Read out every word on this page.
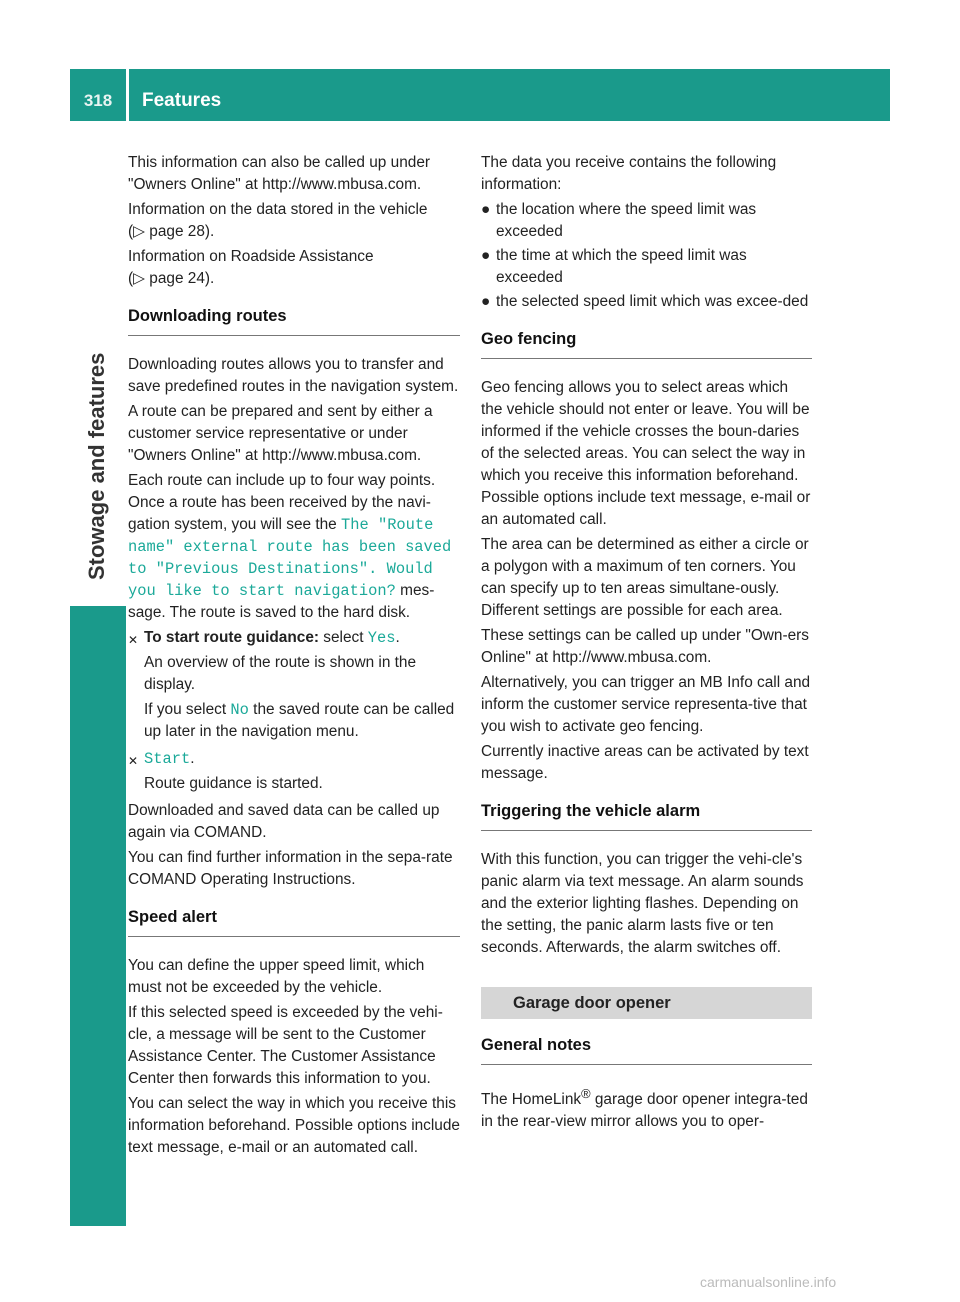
318	Features
Stowage and features

This information can also be called up under "Owners Online" at http://www.mbusa.com.

Information on the data stored in the vehicle
(▷ page 28).

Information on Roadside Assistance
(▷ page 24).

Downloading routes

Downloading routes allows you to transfer and save predefined routes in the navigation system.

A route can be prepared and sent by either a customer service representative or under "Owners Online" at http://www.mbusa.com.

Each route can include up to four way points. Once a route has been received by the navi-gation system, you will see the The "Route name" external route has been saved to "Previous Destinations". Would you like to start navigation? mes-sage. The route is saved to the hard disk.

✕ To start route guidance: select Yes.

An overview of the route is shown in the display.

If you select No the saved route can be called up later in the navigation menu.

✕ Start.

Route guidance is started.

Downloaded and saved data can be called up again via COMAND.

You can find further information in the sepa-rate COMAND Operating Instructions.

Speed alert

You can define the upper speed limit, which must not be exceeded by the vehicle.

If this selected speed is exceeded by the vehi-cle, a message will be sent to the Customer Assistance Center. The Customer Assistance Center then forwards this information to you.

You can select the way in which you receive this information beforehand. Possible options include text message, e-mail or an automated call.

The data you receive contains the following information:

● the location where the speed limit was exceeded
● the time at which the speed limit was exceeded
● the selected speed limit which was excee-ded
Geo fencing

Geo fencing allows you to select areas which the vehicle should not enter or leave. You will be informed if the vehicle crosses the boun-daries of the selected areas. You can select the way in which you receive this information beforehand. Possible options include text message, e-mail or an automated call.

The area can be determined as either a circle or a polygon with a maximum of ten corners. You can specify up to ten areas simultane-ously. Different settings are possible for each area.

These settings can be called up under "Own-ers Online" at http://www.mbusa.com.

Alternatively, you can trigger an MB Info call and inform the customer service representa-tive that you wish to activate geo fencing.

Currently inactive areas can be activated by text message.

Triggering the vehicle alarm

With this function, you can trigger the vehi-cle's panic alarm via text message. An alarm sounds and the exterior lighting flashes. Depending on the setting, the panic alarm lasts five or ten seconds. Afterwards, the alarm switches off.

Garage door opener
General notes

The HomeLink® garage door opener integra-ted in the rear-view mirror allows you to oper-

carmanualsonline.info
